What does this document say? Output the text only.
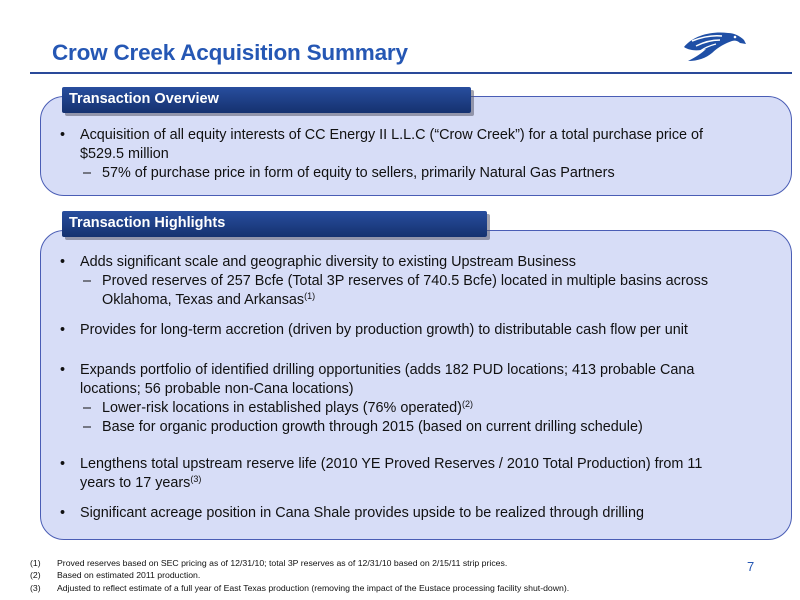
Crow Creek Acquisition Summary
Transaction Overview
• Acquisition of all equity interests of CC Energy II L.L.C (“Crow Creek”) for a total purchase price of
$529.5 million
– 57% of purchase price in form of equity to sellers, primarily Natural Gas Partners
Transaction Highlights
• Adds significant scale and geographic diversity to existing Upstream Business
– Proved reserves of 257 Bcfe (Total 3P reserves of 740.5 Bcfe) located in multiple basins across
Oklahoma, Texas and Arkansas$^{(1)}$
• Provides for long-term accretion (driven by production growth) to distributable cash flow per unit
• Expands portfolio of identified drilling opportunities (adds 182 PUD locations; 413 probable Cana
locations; 56 probable non-Cana locations)
– Lower-risk locations in established plays (76% operated)$^{(2)}$
– Base for organic production growth through 2015 (based on current drilling schedule)
• Lengthens total upstream reserve life (2010 YE Proved Reserves / 2010 Total Production) from 11
years to 17 years$^{(3)}$
• Significant acreage position in Cana Shale provides upside to be realized through drilling
7
(1)	Proved reserves based on SEC pricing as of 12/31/10; total 3P reserves as of 12/31/10 based on 2/15/11 strip prices.
(2)	Based on estimated 2011 production.
(3)	Adjusted to reflect estimate of a full year of East Texas production (removing the impact of the Eustace processing facility shut-down).
